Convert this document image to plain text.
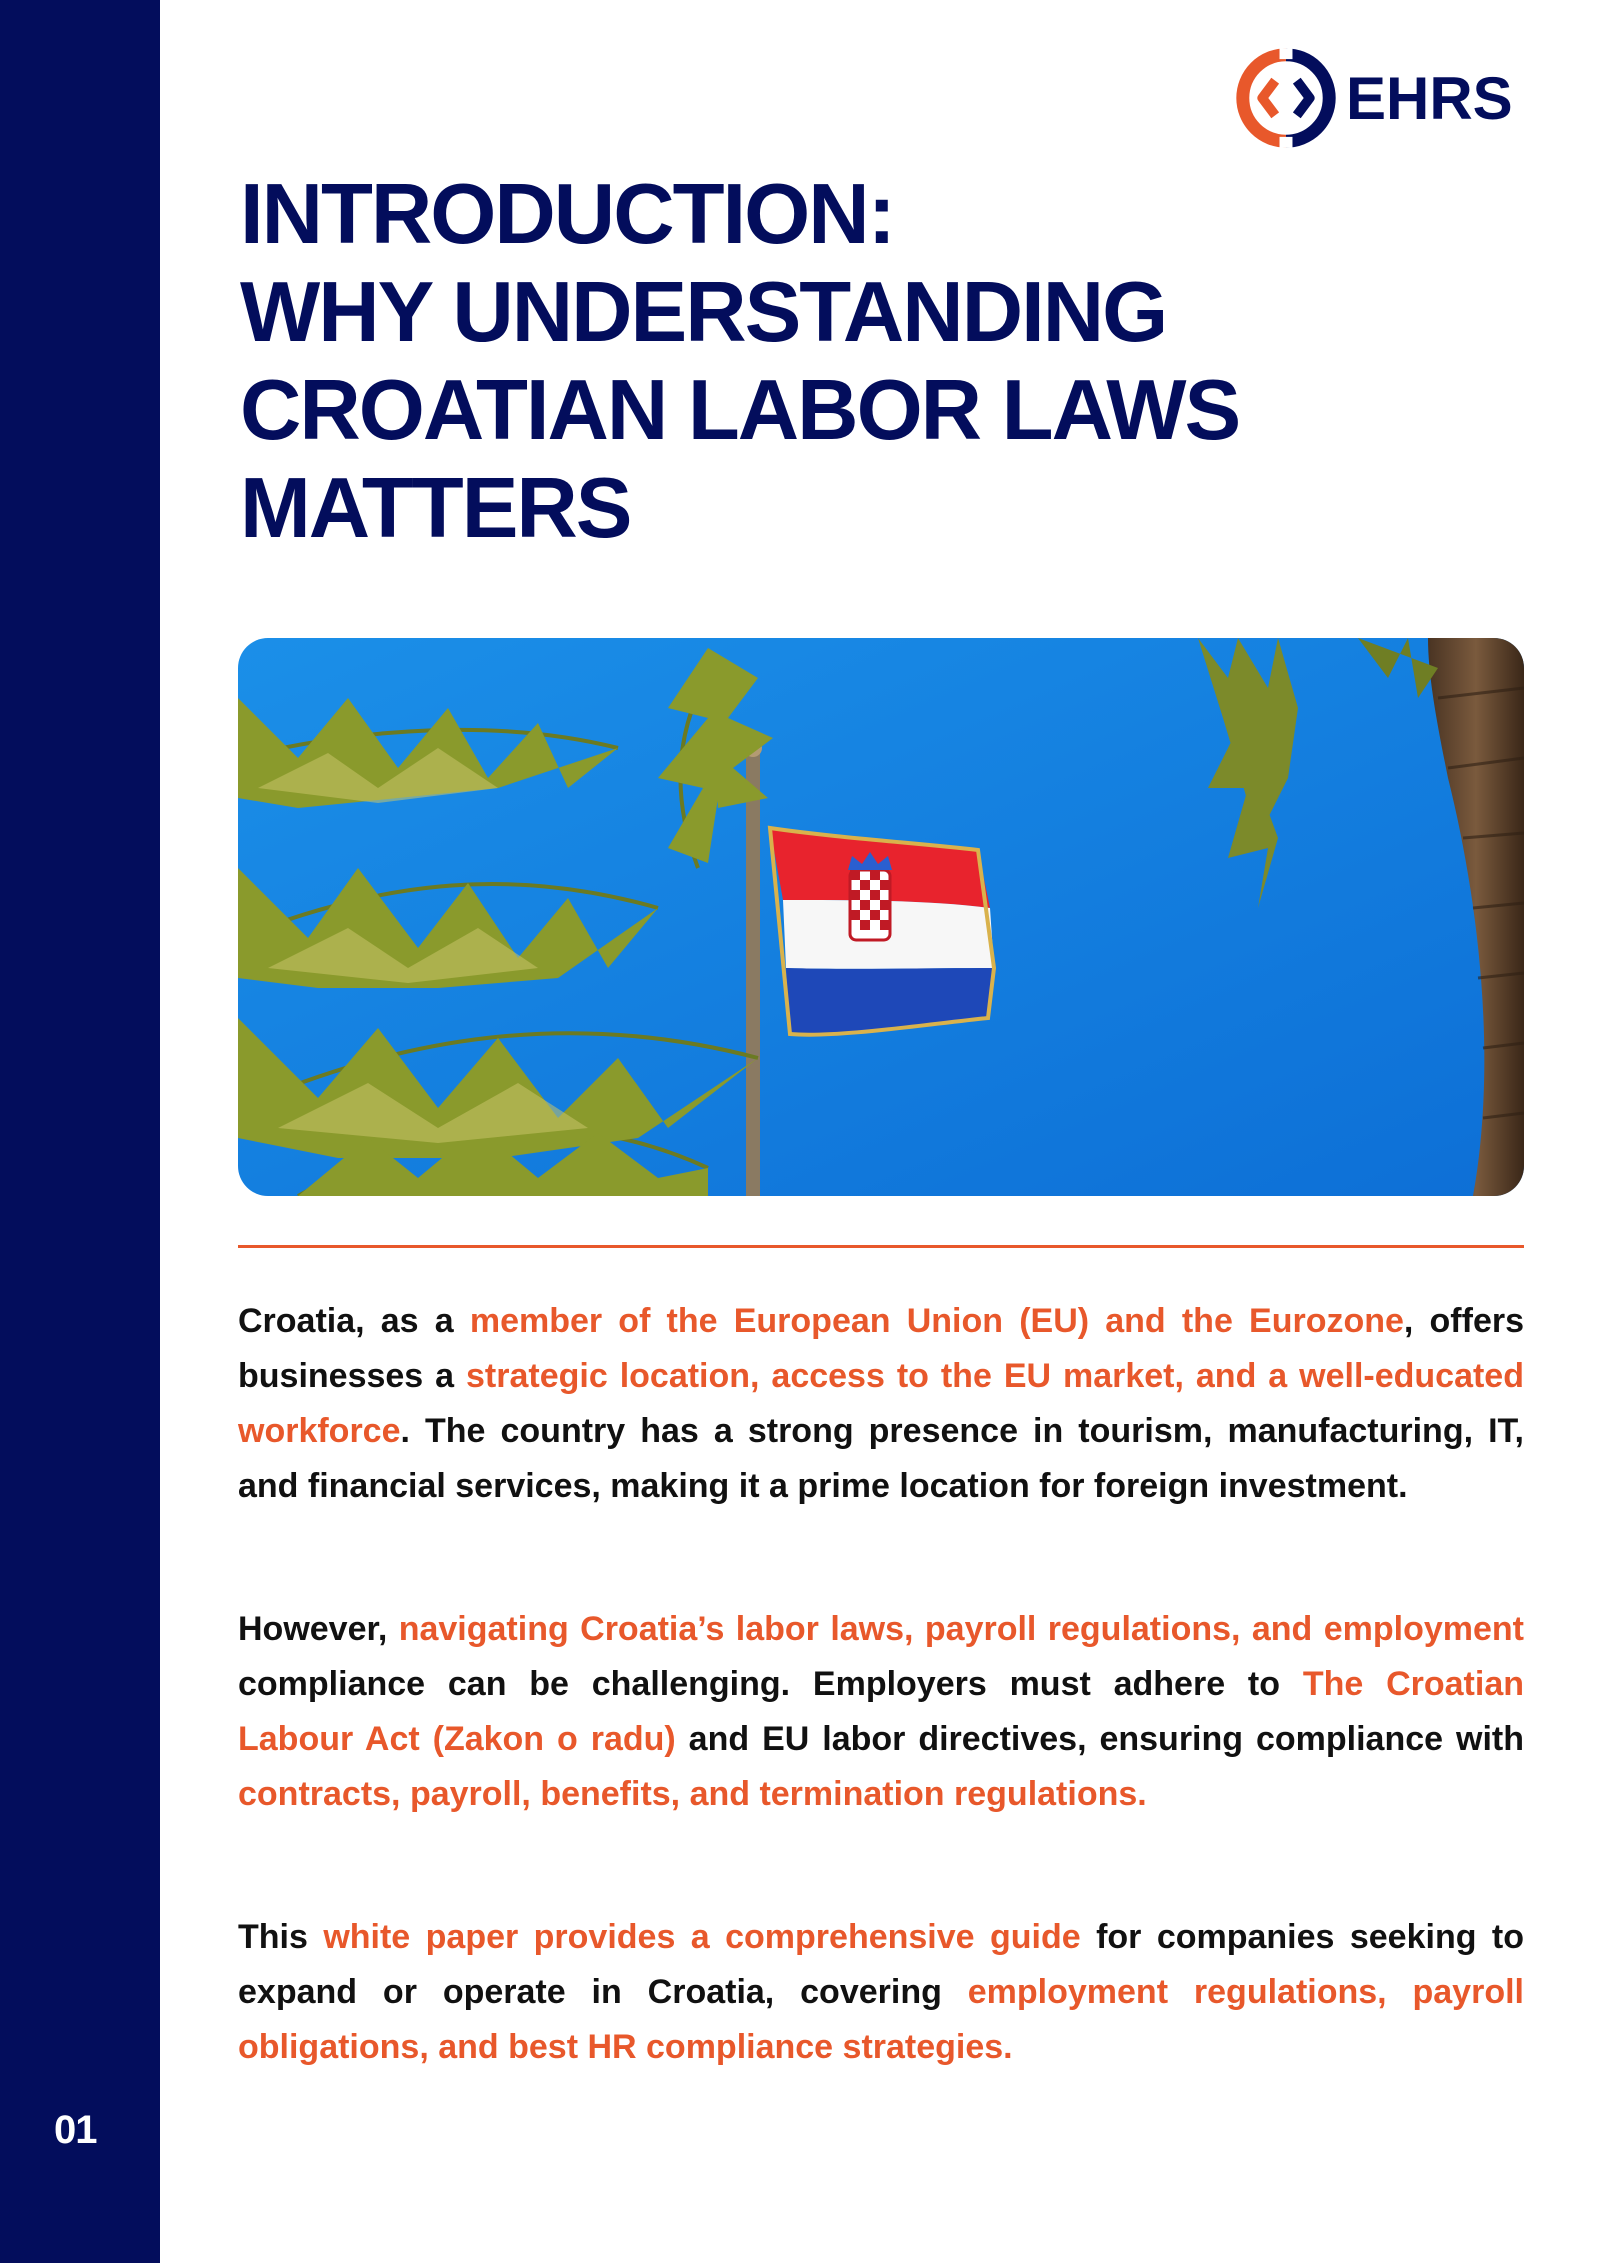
01
EHRS
INTRODUCTION:
WHY UNDERSTANDING
CROATIAN LABOR LAWS
MATTERS

Croatia, as a member of the European Union (EU) and the Eurozone, offers businesses a strategic location, access to the EU market, and a well-educated workforce. The country has a strong presence in tourism, manufacturing, IT, and financial services, making it a prime location for foreign investment.

However, navigating Croatia’s labor laws, payroll regulations, and employment compliance can be challenging. Employers must adhere to The Croatian Labour Act (Zakon o radu) and EU labor directives, ensuring compliance with contracts, payroll, benefits, and termination regulations.

This white paper provides a comprehensive guide for companies seeking to expand or operate in Croatia, covering employment regulations, payroll obligations, and best HR compliance strategies.
